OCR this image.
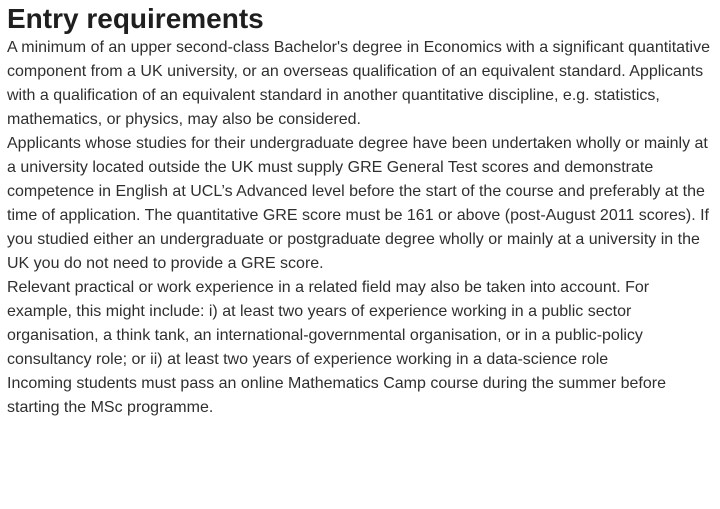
Entry requirements

A minimum of an upper second-class Bachelor's degree in Economics with a significant quantitative component from a UK university, or an overseas qualification of an equivalent standard. Applicants with a qualification of an equivalent standard in another quantitative discipline, e.g. statistics, mathematics, or physics, may also be considered.

Applicants whose studies for their undergraduate degree have been undertaken wholly or mainly at a university located outside the UK must supply GRE General Test scores and demonstrate competence in English at UCL’s Advanced level before the start of the course and preferably at the time of application. The quantitative GRE score must be 161 or above (post-August 2011 scores). If you studied either an undergraduate or postgraduate degree wholly or mainly at a university in the UK you do not need to provide a GRE score.

Relevant practical or work experience in a related field may also be taken into account. For example, this might include: i) at least two years of experience working in a public sector organisation, a think tank, an international-governmental organisation, or in a public-policy consultancy role; or ii) at least two years of experience working in a data-science role

Incoming students must pass an online Mathematics Camp course during the summer before starting the MSc programme.
